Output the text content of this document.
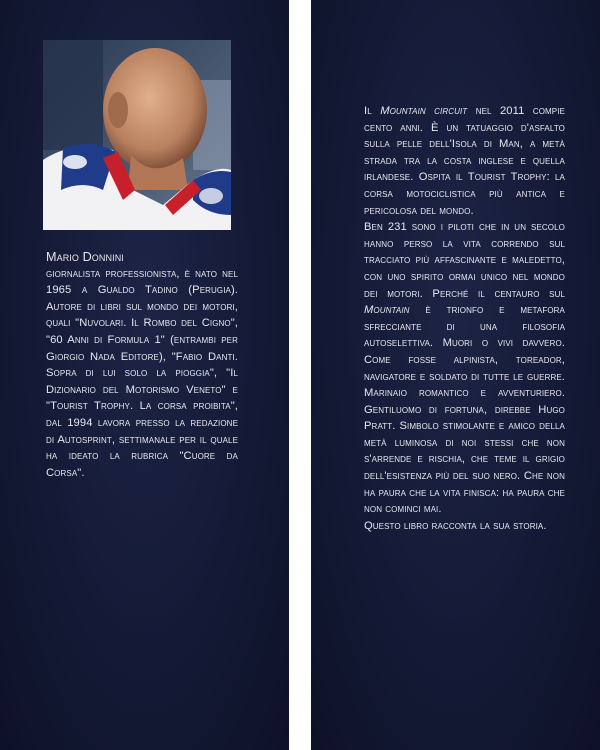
Mario Donnini

giornalista professionista, è nato nel 1965 a Gualdo Tadino (Perugia). Autore di libri sul mondo dei motori, quali "Nuvolari. Il Rombo del Cigno", "60 Anni di Formula 1" (entrambi per Giorgio Nada Editore), "Fabio Danti. Sopra di lui solo la pioggia", "Il Dizionario del Motorismo Veneto" e "Tourist Trophy. La corsa proibita", dal 1994 lavora presso la redazione di Autosprint, settimanale per il quale ha ideato la rubrica "Cuore da Corsa".

Il Mountain circuit nel 2011 compie cento anni. È un tatuaggio d'asfalto sulla pelle dell'Isola di Man, a metà strada tra la costa inglese e quella irlandese. Ospita il Tourist Trophy: la corsa motociclistica più antica e pericolosa del mondo.

Ben 231 sono i piloti che in un secolo hanno perso la vita correndo sul tracciato più affascinante e maledetto, con uno spirito ormai unico nel mondo dei motori. Perché il centauro sul Mountain è trionfo e metafora sfrecciante di una filosofia autoselettiva. Muori o vivi davvero. Come fosse alpinista, toreador, navigatore e soldato di tutte le guerre. Marinaio romantico e avventuriero. Gentiluomo di fortuna, direbbe Hugo Pratt. Simbolo stimolante e amico della metà luminosa di noi stessi che non s'arrende e rischia, che teme il grigio dell'esistenza più del suo nero. Che non ha paura che la vita finisca: ha paura che non cominci mai.

Questo libro racconta la sua storia.
